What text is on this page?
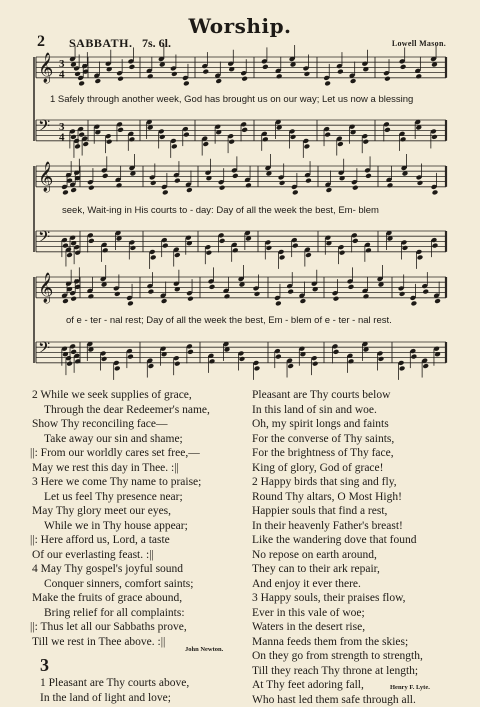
Worship.
2 SABBATH. 7s. 6l.	Lowell Mason.
𝄞 3
4
𝄢 3
4
𝄞
𝄢
𝄞
𝄢
1 Safely through another week, God has brought us on our way; Let us now a blessing
seek, Wait-ing in His courts to - day: Day of all the week the best, Em- blem
of e - ter - nal rest; Day of all the week the best, Em - blem of e - ter - nal rest.
2 While we seek supplies of grace,
Through the dear Redeemer's name,
Show Thy reconciling face—
Take away our sin and shame;
||: From our worldly cares set free,—
May we rest this day in Thee. :||
3 Here we come Thy name to praise;
Let us feel Thy presence near;
May Thy glory meet our eyes,
While we in Thy house appear;
||: Here afford us, Lord, a taste
Of our everlasting feast. :||
4 May Thy gospel's joyful sound
Conquer sinners, comfort saints;
Make the fruits of grace abound,
Bring relief for all complaints:
||: Thus let all our Sabbaths prove,
Till we rest in Thee above. :||
John Newton.
3
1 Pleasant are Thy courts above,
In the land of light and love;
Pleasant are Thy courts below
In this land of sin and woe.
Oh, my spirit longs and faints
For the converse of Thy saints,
For the brightness of Thy face,
King of glory, God of grace!
2 Happy birds that sing and fly,
Round Thy altars, O Most High!
Happier souls that find a rest,
In their heavenly Father's breast!
Like the wandering dove that found
No repose on earth around,
They can to their ark repair,
And enjoy it ever there.
3 Happy souls, their praises flow,
Ever in this vale of woe;
Waters in the desert rise,
Manna feeds them from the skies;
On they go from strength to strength,
Till they reach Thy throne at length;
At Thy feet adoring fall,
Who hast led them safe through all.
Henry F. Lyte.
